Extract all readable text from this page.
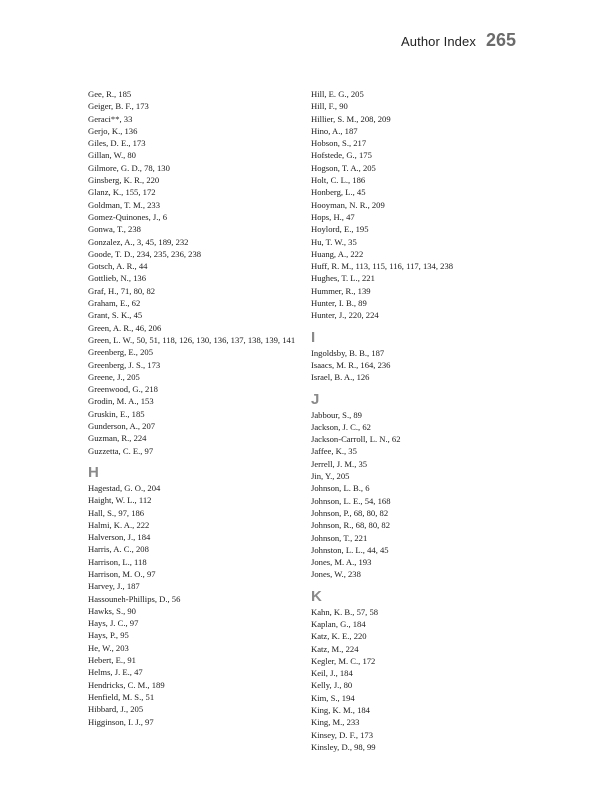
Author Index 265
Gee, R., 185
Geiger, B. F., 173
Geraci**, 33
Gerjo, K., 136
Giles, D. E., 173
Gillan, W., 80
Gilmore, G. D., 78, 130
Ginsberg, K. R., 220
Glanz, K., 155, 172
Goldman, T. M., 233
Gomez-Quinones, J., 6
Gonwa, T., 238
Gonzalez, A., 3, 45, 189, 232
Goode, T. D., 234, 235, 236, 238
Gotsch, A. R., 44
Gottlieb, N., 136
Graf, H., 71, 80, 82
Graham, E., 62
Grant, S. K., 45
Green, A. R., 46, 206
Green, L. W., 50, 51, 118, 126, 130, 136, 137, 138, 139, 141
Greenberg, E., 205
Greenberg, J. S., 173
Greene, J., 205
Greenwood, G., 218
Grodin, M. A., 153
Gruskin, E., 185
Gunderson, A., 207
Guzman, R., 224
Guzzetta, C. E., 97
H
Hagestad, G. O., 204
Haight, W. L., 112
Hall, S., 97, 186
Halmi, K. A., 222
Halverson, J., 184
Harris, A. C., 208
Harrison, L., 118
Harrison, M. O., 97
Harvey, J., 187
Hassouneh-Phillips, D., 56
Hawks, S., 90
Hays, J. C., 97
Hays, P., 95
He, W., 203
Hebert, E., 91
Helms, J. E., 47
Hendricks, C. M., 189
Henfield, M. S., 51
Hibbard, J., 205
Higginson, I. J., 97
Hill, E. G., 205
Hill, F., 90
Hillier, S. M., 208, 209
Hino, A., 187
Hobson, S., 217
Hofstede, G., 175
Hogson, T. A., 205
Holt, C. L., 186
Honberg, L., 45
Hooyman, N. R., 209
Hops, H., 47
Hoylord, E., 195
Hu, T. W., 35
Huang, A., 222
Huff, R. M., 113, 115, 116, 117, 134, 238
Hughes, T. L., 221
Hummer, R., 139
Hunter, I. B., 89
Hunter, J., 220, 224
I
Ingoldsby, B. B., 187
Isaacs, M. R., 164, 236
Israel, B. A., 126
J
Jabbour, S., 89
Jackson, J. C., 62
Jackson-Carroll, L. N., 62
Jaffee, K., 35
Jerrell, J. M., 35
Jin, Y., 205
Johnson, L. B., 6
Johnson, L. E., 54, 168
Johnson, P., 68, 80, 82
Johnson, R., 68, 80, 82
Johnson, T., 221
Johnston, L. L., 44, 45
Jones, M. A., 193
Jones, W., 238
K
Kahn, K. B., 57, 58
Kaplan, G., 184
Katz, K. E., 220
Katz, M., 224
Kegler, M. C., 172
Keil, J., 184
Kelly, J., 80
Kim, S., 194
King, K. M., 184
King, M., 233
Kinsey, D. F., 173
Kinsley, D., 98, 99
